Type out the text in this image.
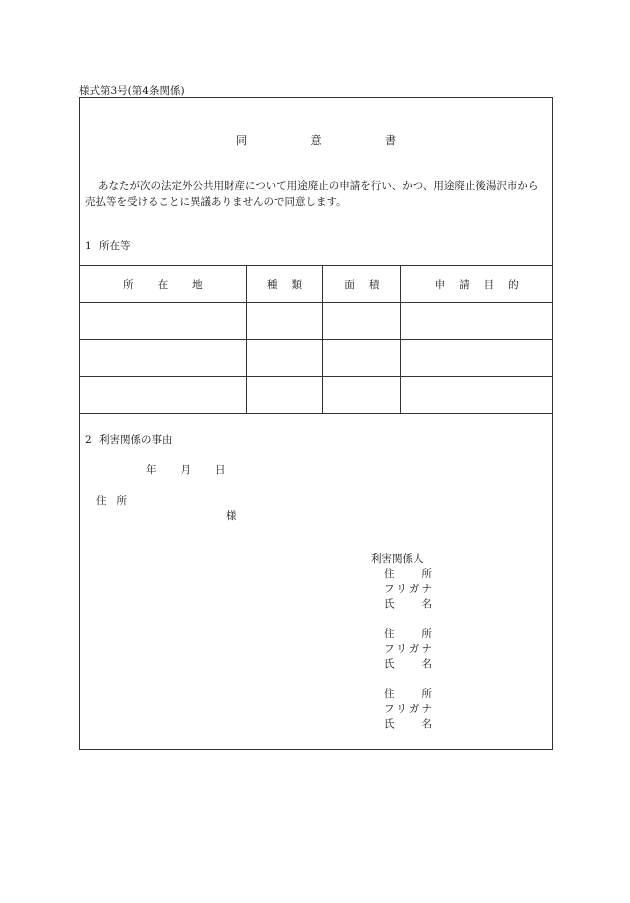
様式第3号(第4条関係)
同	意	書
あなたが次の法定外公共用財産について用途廃止の申請を行い、かつ、用途廃止後湯沢市から売払等を受けることに異議ありませんので同意します。
1 所在等
所 在 地	種 類	面 積	申 請 目 的

2 利害関係の事由
年 月 日
住 所
様
利害関係人
住所
フリガナ
氏名
住所
フリガナ
氏名
住所
フリガナ
氏名
